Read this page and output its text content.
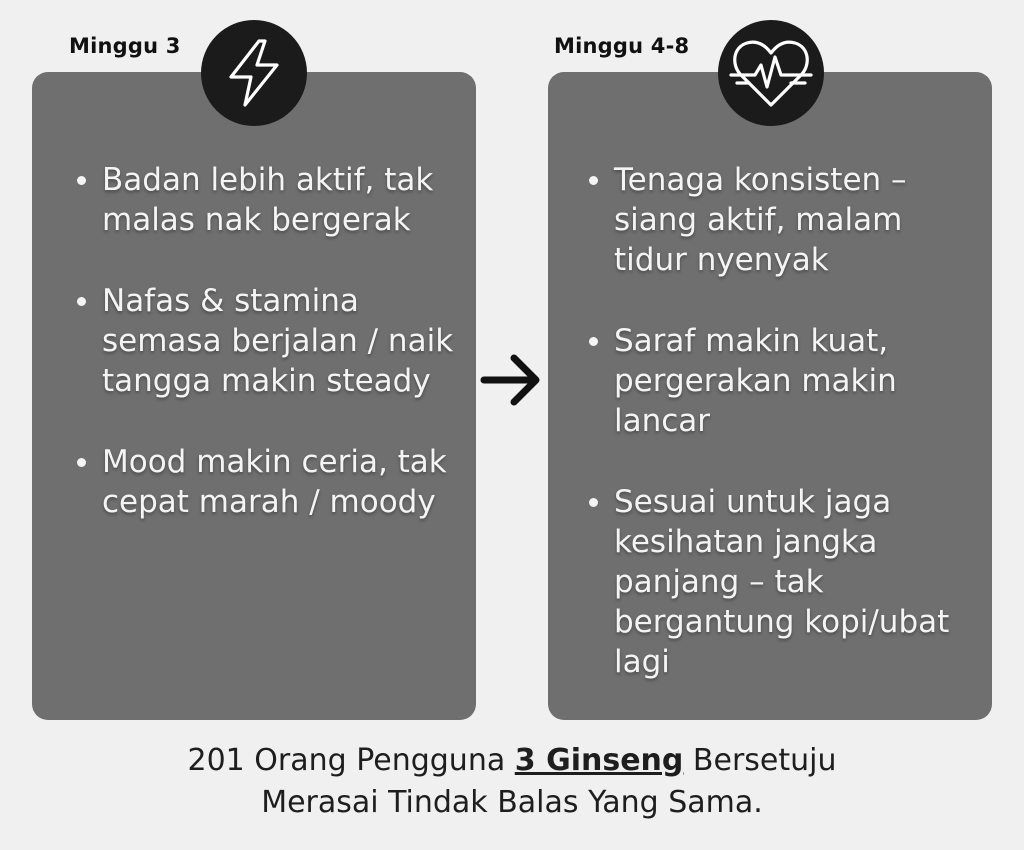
Badan lebih aktif, tak malas nak bergerak
Nafas & stamina semasa berjalan / naik tangga makin steady
Mood makin ceria, tak cepat marah / moody
Tenaga konsisten – siang aktif, malam tidur nyenyak
Saraf makin kuat, pergerakan makin lancar
Sesuai untuk jaga kesihatan jangka panjang – tak bergantung kopi/ubat lagi
Minggu 3	Minggu 4-8
201 Orang Pengguna 3 Ginseng Bersetuju
Merasai Tindak Balas Yang Sama.
